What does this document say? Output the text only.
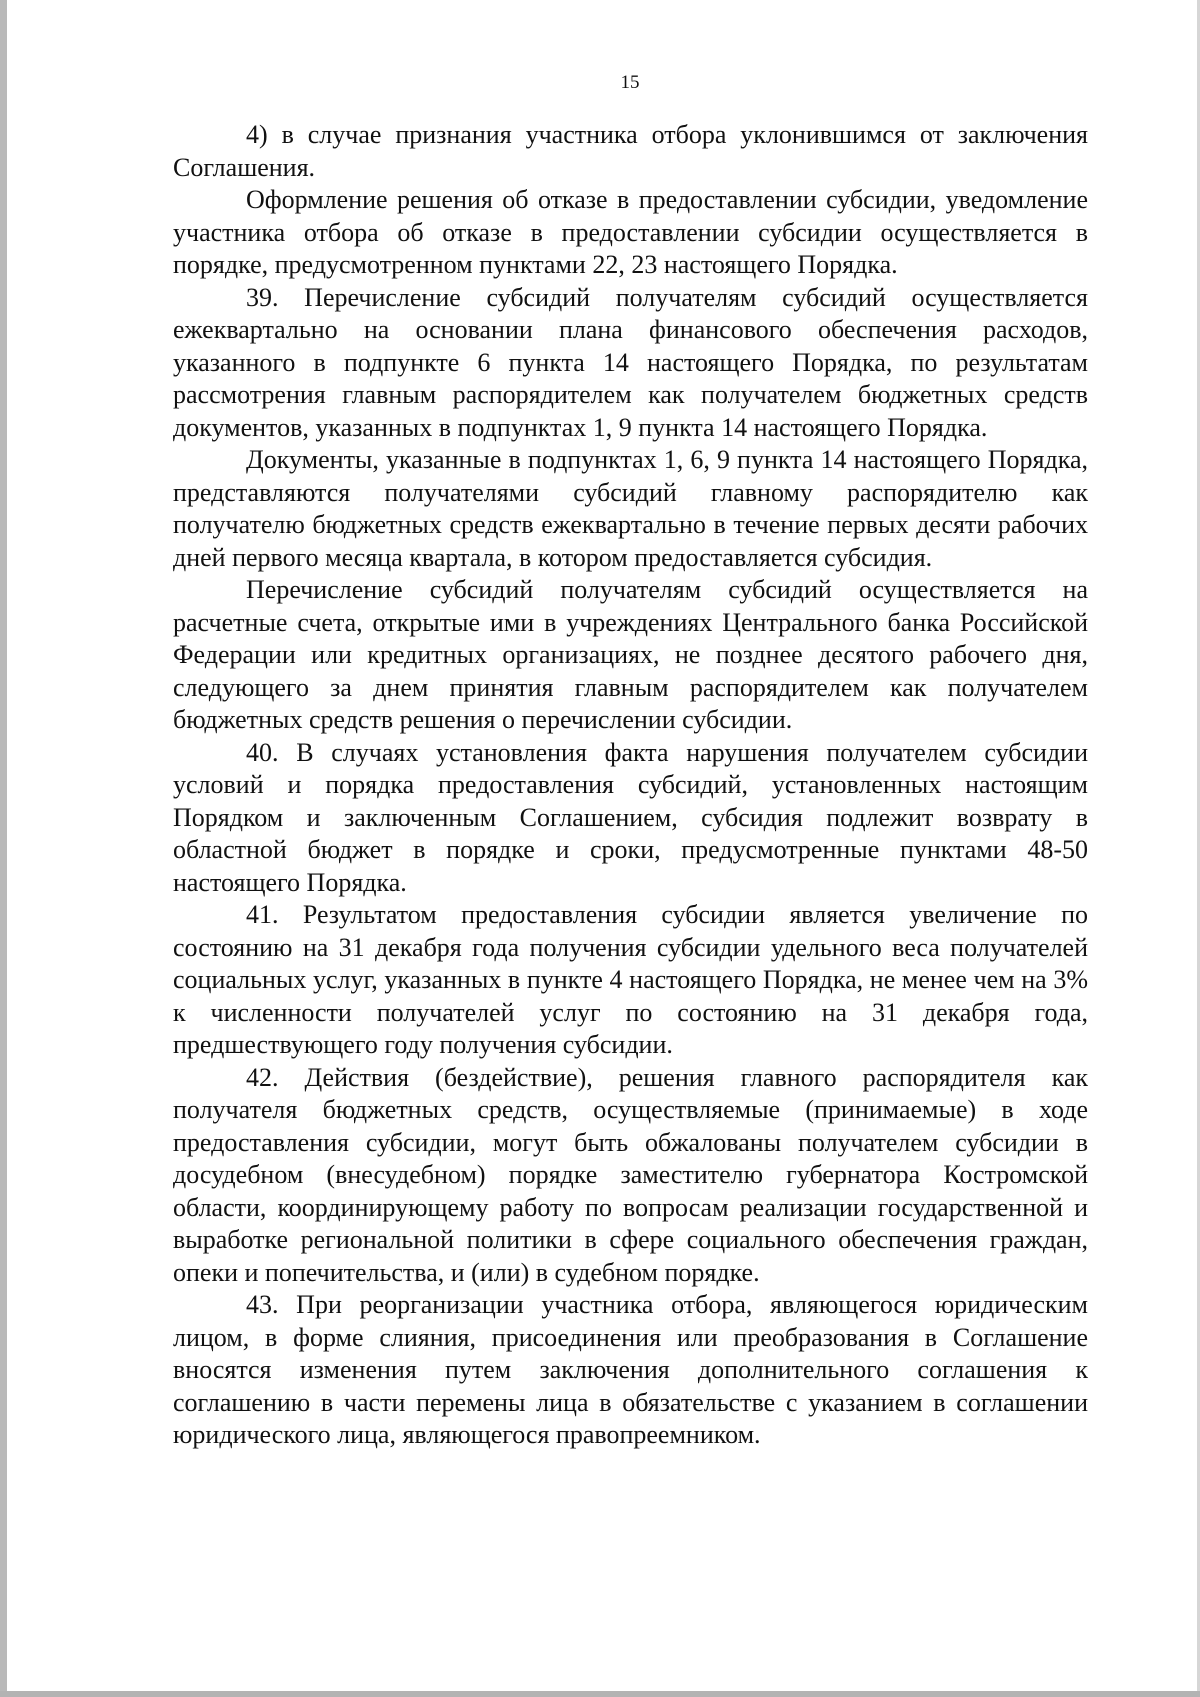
15

4) в случае признания участника отбора уклонившимся от заключения Соглашения.

Оформление решения об отказе в предоставлении субсидии, уведомление участника отбора об отказе в предоставлении субсидии осуществляется в порядке, предусмотренном пунктами 22, 23 настоящего Порядка.

39. Перечисление субсидий получателям субсидий осуществляется ежеквартально на основании плана финансового обеспечения расходов, указанного в подпункте 6 пункта 14 настоящего Порядка, по результатам рассмотрения главным распорядителем как получателем бюджетных средств документов, указанных в подпунктах 1, 9 пункта 14 настоящего Порядка.

Документы, указанные в подпунктах 1, 6, 9 пункта 14 настоящего Порядка, представляются получателями субсидий главному распорядителю как получателю бюджетных средств ежеквартально в течение первых десяти рабочих дней первого месяца квартала, в котором предоставляется субсидия.

Перечисление субсидий получателям субсидий осуществляется на расчетные счета, открытые ими в учреждениях Центрального банка Российской Федерации или кредитных организациях, не позднее десятого рабочего дня, следующего за днем принятия главным распорядителем как получателем бюджетных средств решения о перечислении субсидии.

40. В случаях установления факта нарушения получателем субсидии условий и порядка предоставления субсидий, установленных настоящим Порядком и заключенным Соглашением, субсидия подлежит возврату в областной бюджет в порядке и сроки, предусмотренные пунктами 48-50 настоящего Порядка.

41. Результатом предоставления субсидии является увеличение по состоянию на 31 декабря года получения субсидии удельного веса получателей социальных услуг, указанных в пункте 4 настоящего Порядка, не менее чем на 3% к численности получателей услуг по состоянию на 31 декабря года, предшествующего году получения субсидии.

42. Действия (бездействие), решения главного распорядителя как получателя бюджетных средств, осуществляемые (принимаемые) в ходе предоставления субсидии, могут быть обжалованы получателем субсидии в досудебном (внесудебном) порядке заместителю губернатора Костромской области, координирующему работу по вопросам реализации государственной и выработке региональной политики в сфере социального обеспечения граждан, опеки и попечительства, и (или) в судебном порядке.

43. При реорганизации участника отбора, являющегося юридическим лицом, в форме слияния, присоединения или преобразования в Соглашение вносятся изменения путем заключения дополнительного соглашения к соглашению в части перемены лица в обязательстве с указанием в соглашении юридического лица, являющегося правопреемником.
